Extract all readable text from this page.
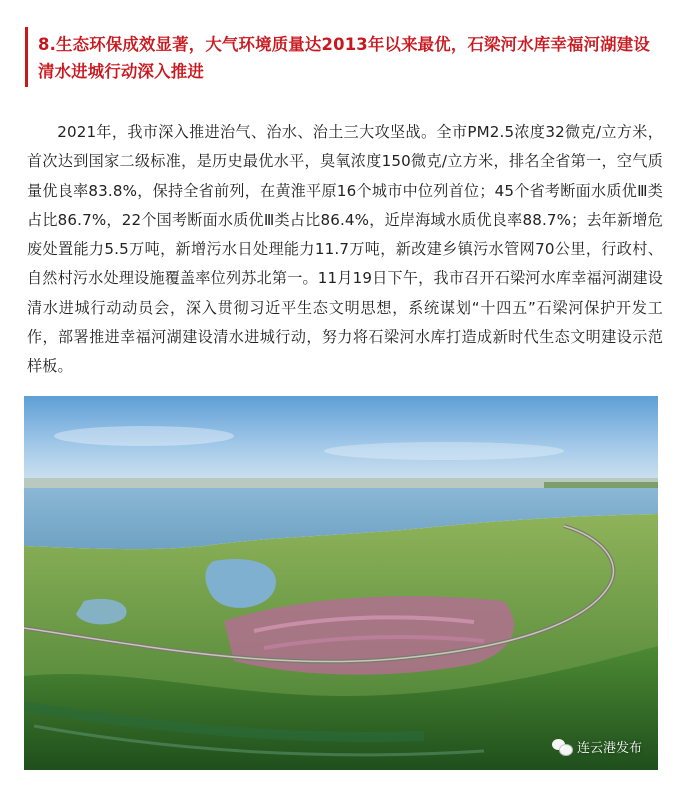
8.生态环保成效显著，大气环境质量达2013年以来最优，石梁河水库幸福河湖建设清水进城行动深入推进

2021年，我市深入推进治气、治水、治土三大攻坚战。全市PM2.5浓度32微克/立方米，首次达到国家二级标准，是历史最优水平，臭氧浓度150微克/立方米，排名全省第一，空气质量优良率83.8%，保持全省前列，在黄淮平原16个城市中位列首位；45个省考断面水质优Ⅲ类占比86.7%，22个国考断面水质优Ⅲ类占比86.4%，近岸海域水质优良率88.7%；去年新增危废处置能力5.5万吨，新增污水日处理能力11.7万吨，新改建乡镇污水管网70公里，行政村、自然村污水处理设施覆盖率位列苏北第一。11月19日下午，我市召开石梁河水库幸福河湖建设清水进城行动动员会，深入贯彻习近平生态文明思想，系统谋划“十四五”石梁河保护开发工作，部署推进幸福河湖建设清水进城行动，努力将石梁河水库打造成新时代生态文明建设示范样板。

连云港发布
